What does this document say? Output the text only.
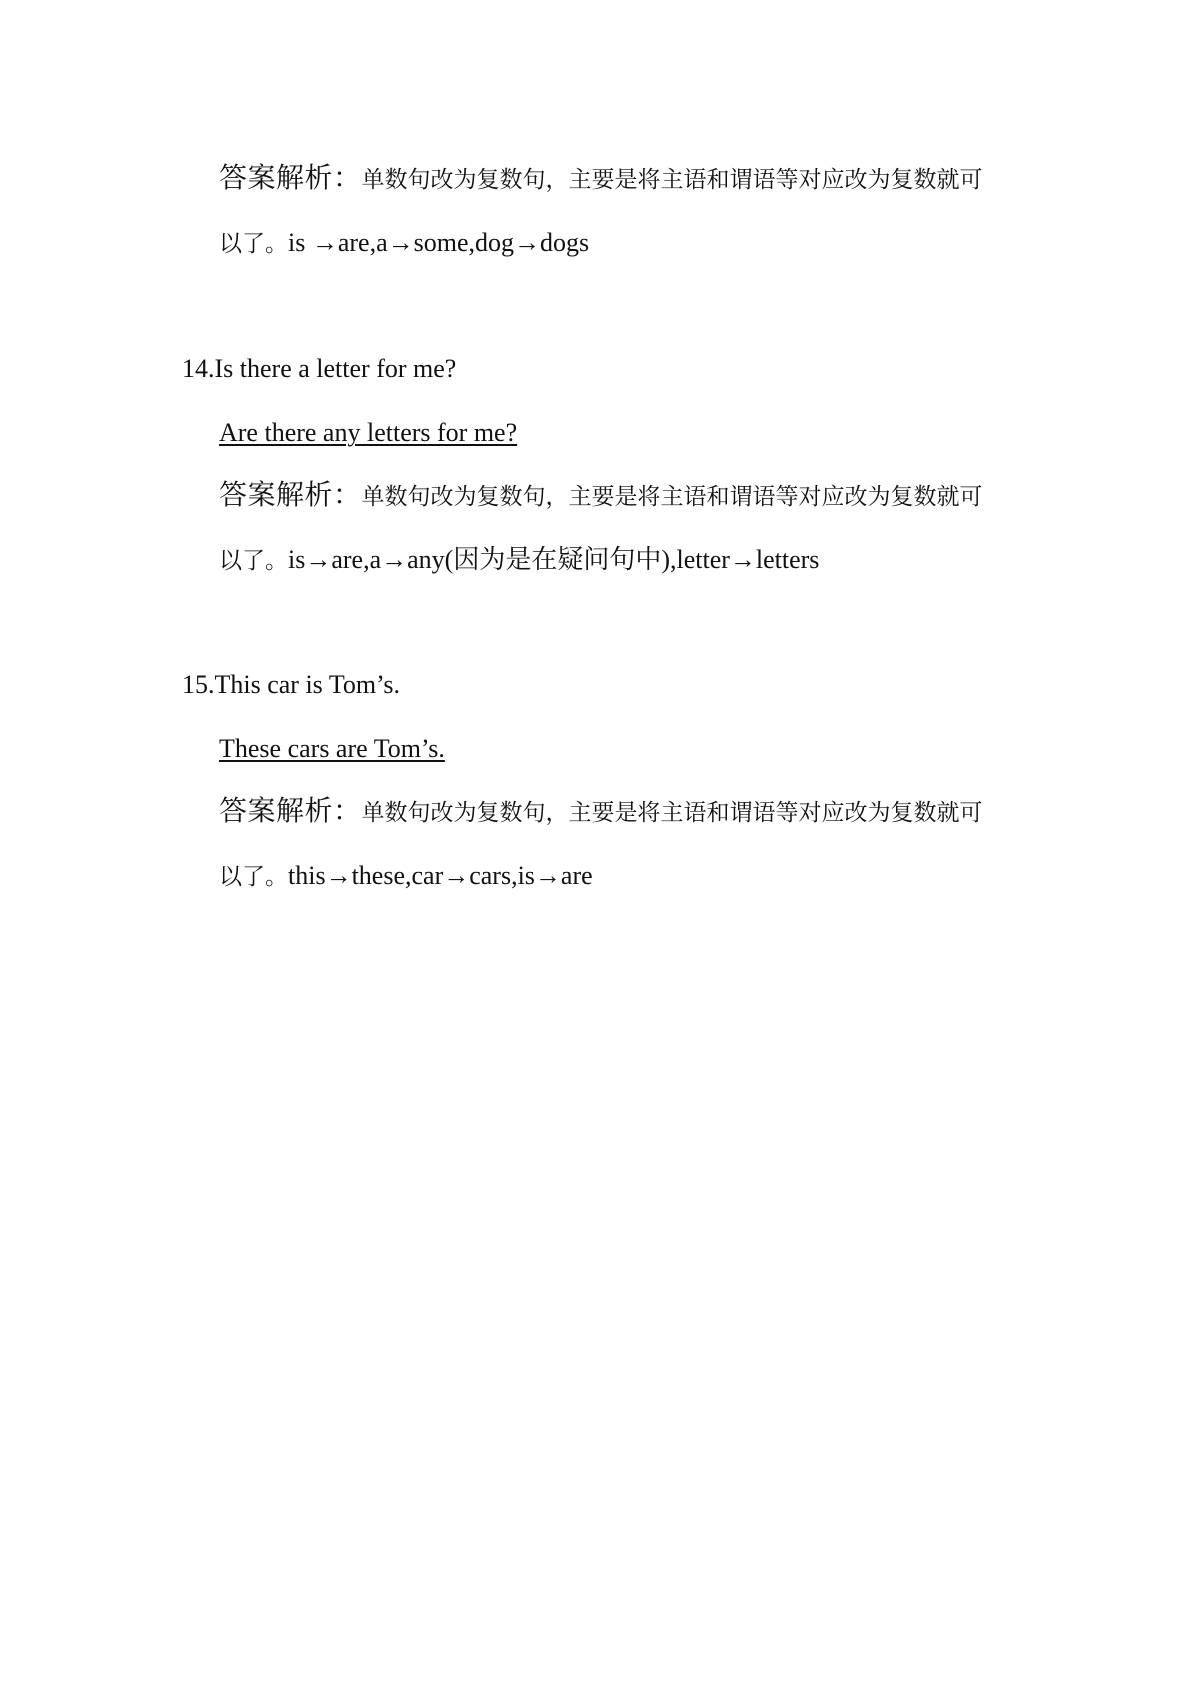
答案解析：单数句改为复数句，主要是将主语和谓语等对应改为复数就可
以了。is →are,a→some,dog→dogs
14.Is there a letter for me?
Are there any letters for me?
答案解析：单数句改为复数句，主要是将主语和谓语等对应改为复数就可
以了。is→are,a→any(因为是在疑问句中),letter→letters
15.This car is Tom’s.
These cars are Tom’s.
答案解析：单数句改为复数句，主要是将主语和谓语等对应改为复数就可
以了。this→these,car→cars,is→are
